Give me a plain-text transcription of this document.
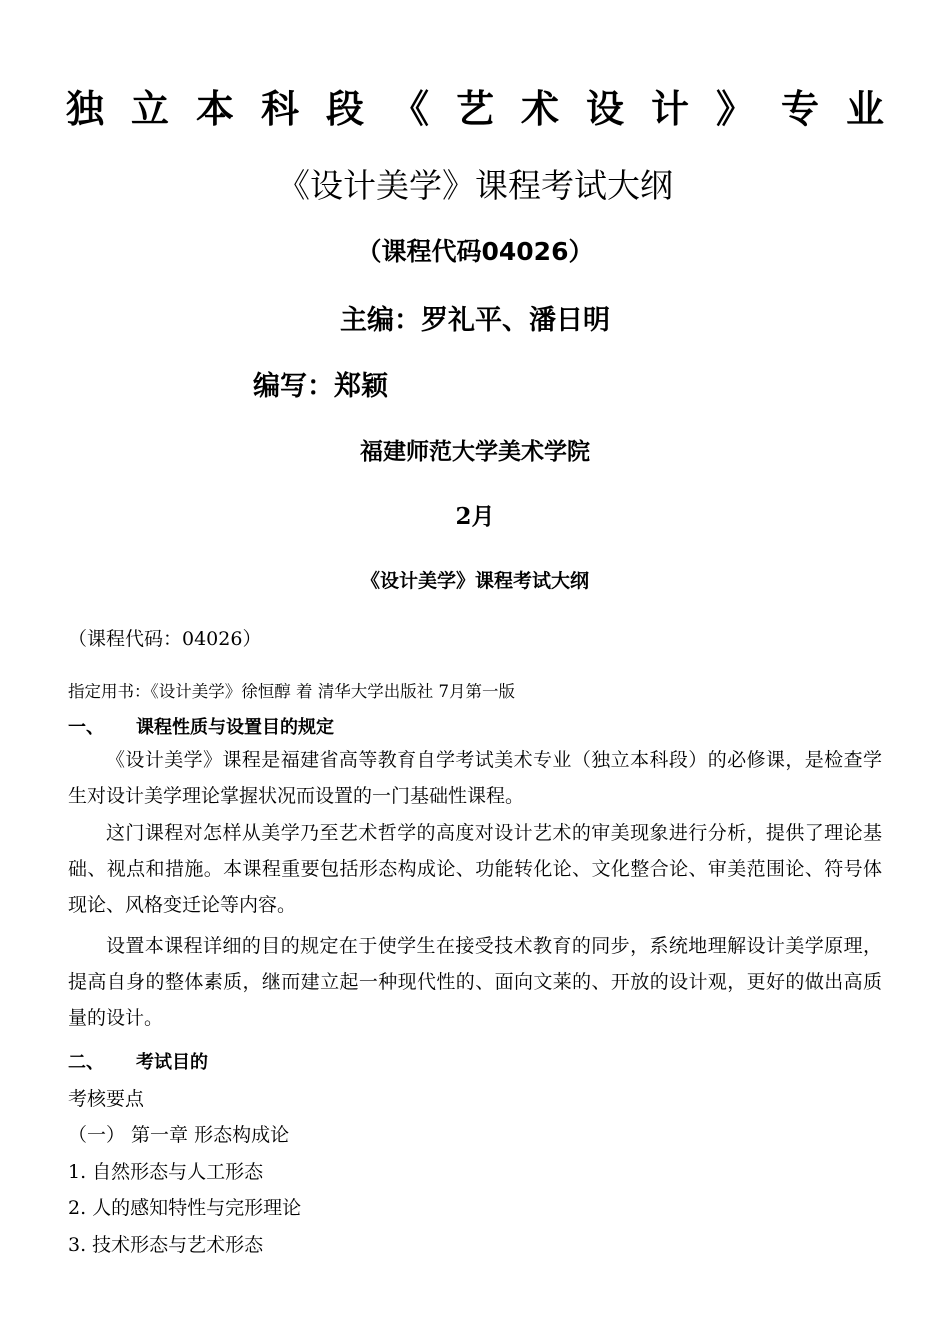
独立本科段《艺术设计》专业
《设计美学》课程考试大纲
（课程代码04026）
主编：罗礼平、潘日明
编写：郑颖
福建师范大学美术学院
2月
《设计美学》课程考试大纲
（课程代码：04026）
指定用书：《设计美学》徐恒醇 着 清华大学出版社 7月第一版
一、 课程性质与设置目的规定

《设计美学》课程是福建省高等教育自学考试美术专业（独立本科段）的必修课，是检查学生对设计美学理论掌握状况而设置的一门基础性课程。

这门课程对怎样从美学乃至艺术哲学的高度对设计艺术的审美现象进行分析，提供了理论基础、视点和措施。本课程重要包括形态构成论、功能转化论、文化整合论、审美范围论、符号体现论、风格变迁论等内容。

设置本课程详细的目的规定在于使学生在接受技术教育的同步，系统地理解设计美学原理，提高自身的整体素质，继而建立起一种现代性的、面向文莱的、开放的设计观，更好的做出高质量的设计。

二、 考试目的
考核要点
（一） 第一章 形态构成论
1. 自然形态与人工形态
2. 人的感知特性与完形理论
3. 技术形态与艺术形态
